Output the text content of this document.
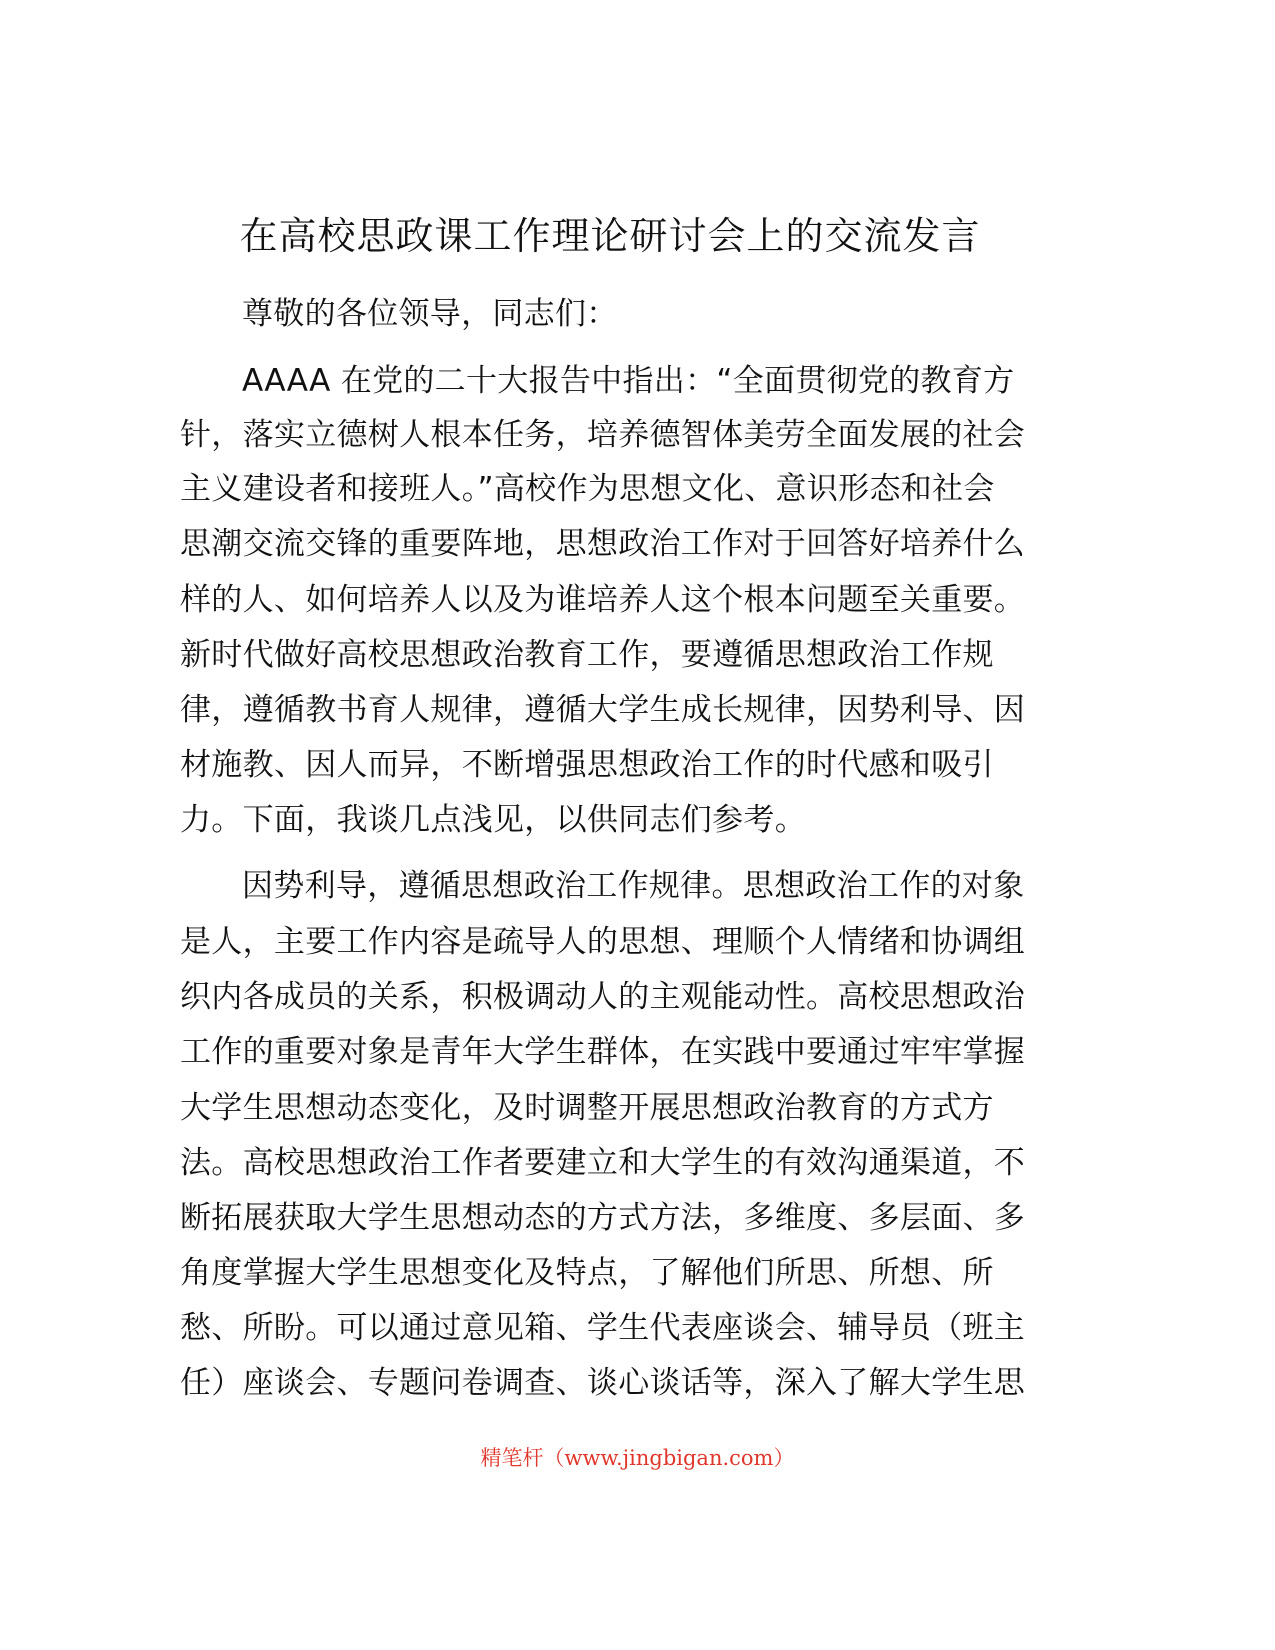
在高校思政课工作理论研讨会上的交流发言
尊敬的各位领导，同志们：
AAAA 在党的二十大报告中指出：“全面贯彻党的教育方
针，落实立德树人根本任务，培养德智体美劳全面发展的社会
主义建设者和接班人。”高校作为思想文化、意识形态和社会
思潮交流交锋的重要阵地，思想政治工作对于回答好培养什么
样的人、如何培养人以及为谁培养人这个根本问题至关重要。
新时代做好高校思想政治教育工作，要遵循思想政治工作规
律，遵循教书育人规律，遵循大学生成长规律，因势利导、因
材施教、因人而异，不断增强思想政治工作的时代感和吸引
力。下面，我谈几点浅见，以供同志们参考。
因势利导，遵循思想政治工作规律。思想政治工作的对象
是人，主要工作内容是疏导人的思想、理顺个人情绪和协调组
织内各成员的关系，积极调动人的主观能动性。高校思想政治
工作的重要对象是青年大学生群体，在实践中要通过牢牢掌握
大学生思想动态变化，及时调整开展思想政治教育的方式方
法。高校思想政治工作者要建立和大学生的有效沟通渠道，不
断拓展获取大学生思想动态的方式方法，多维度、多层面、多
角度掌握大学生思想变化及特点，了解他们所思、所想、所
愁、所盼。可以通过意见箱、学生代表座谈会、辅导员（班主
任）座谈会、专题问卷调查、谈心谈话等，深入了解大学生思
精笔杆（www.jingbigan.com）
